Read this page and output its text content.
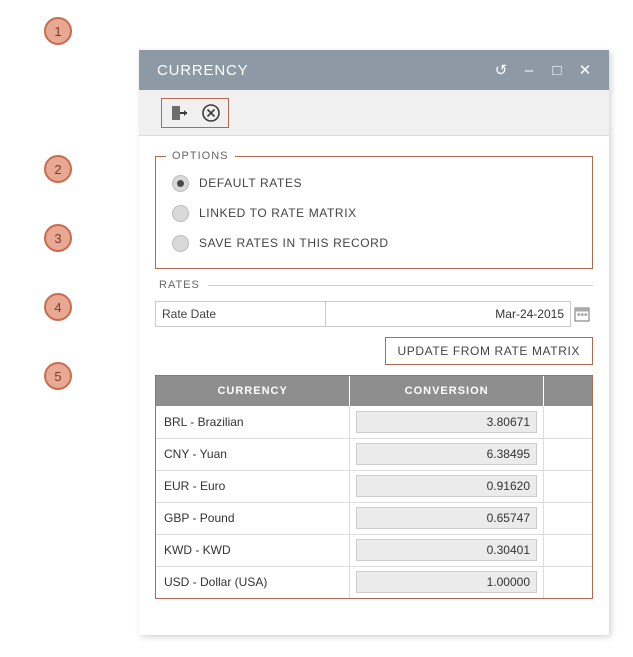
1
2
3
4
5
CURRENCY	↺	–	□	✕
OPTIONS
DEFAULT RATES
LINKED TO RATE MATRIX
SAVE RATES IN THIS RECORD
RATES
Rate Date	Mar-24-2015
UPDATE FROM RATE MATRIX
CURRENCY	CONVERSION	
BRL - Brazilian	3.80671	

CNY - Yuan	6.38495	

EUR - Euro	0.91620	

GBP - Pound	0.65747	

KWD - KWD	0.30401	

USD - Dollar (USA)	1.00000	
